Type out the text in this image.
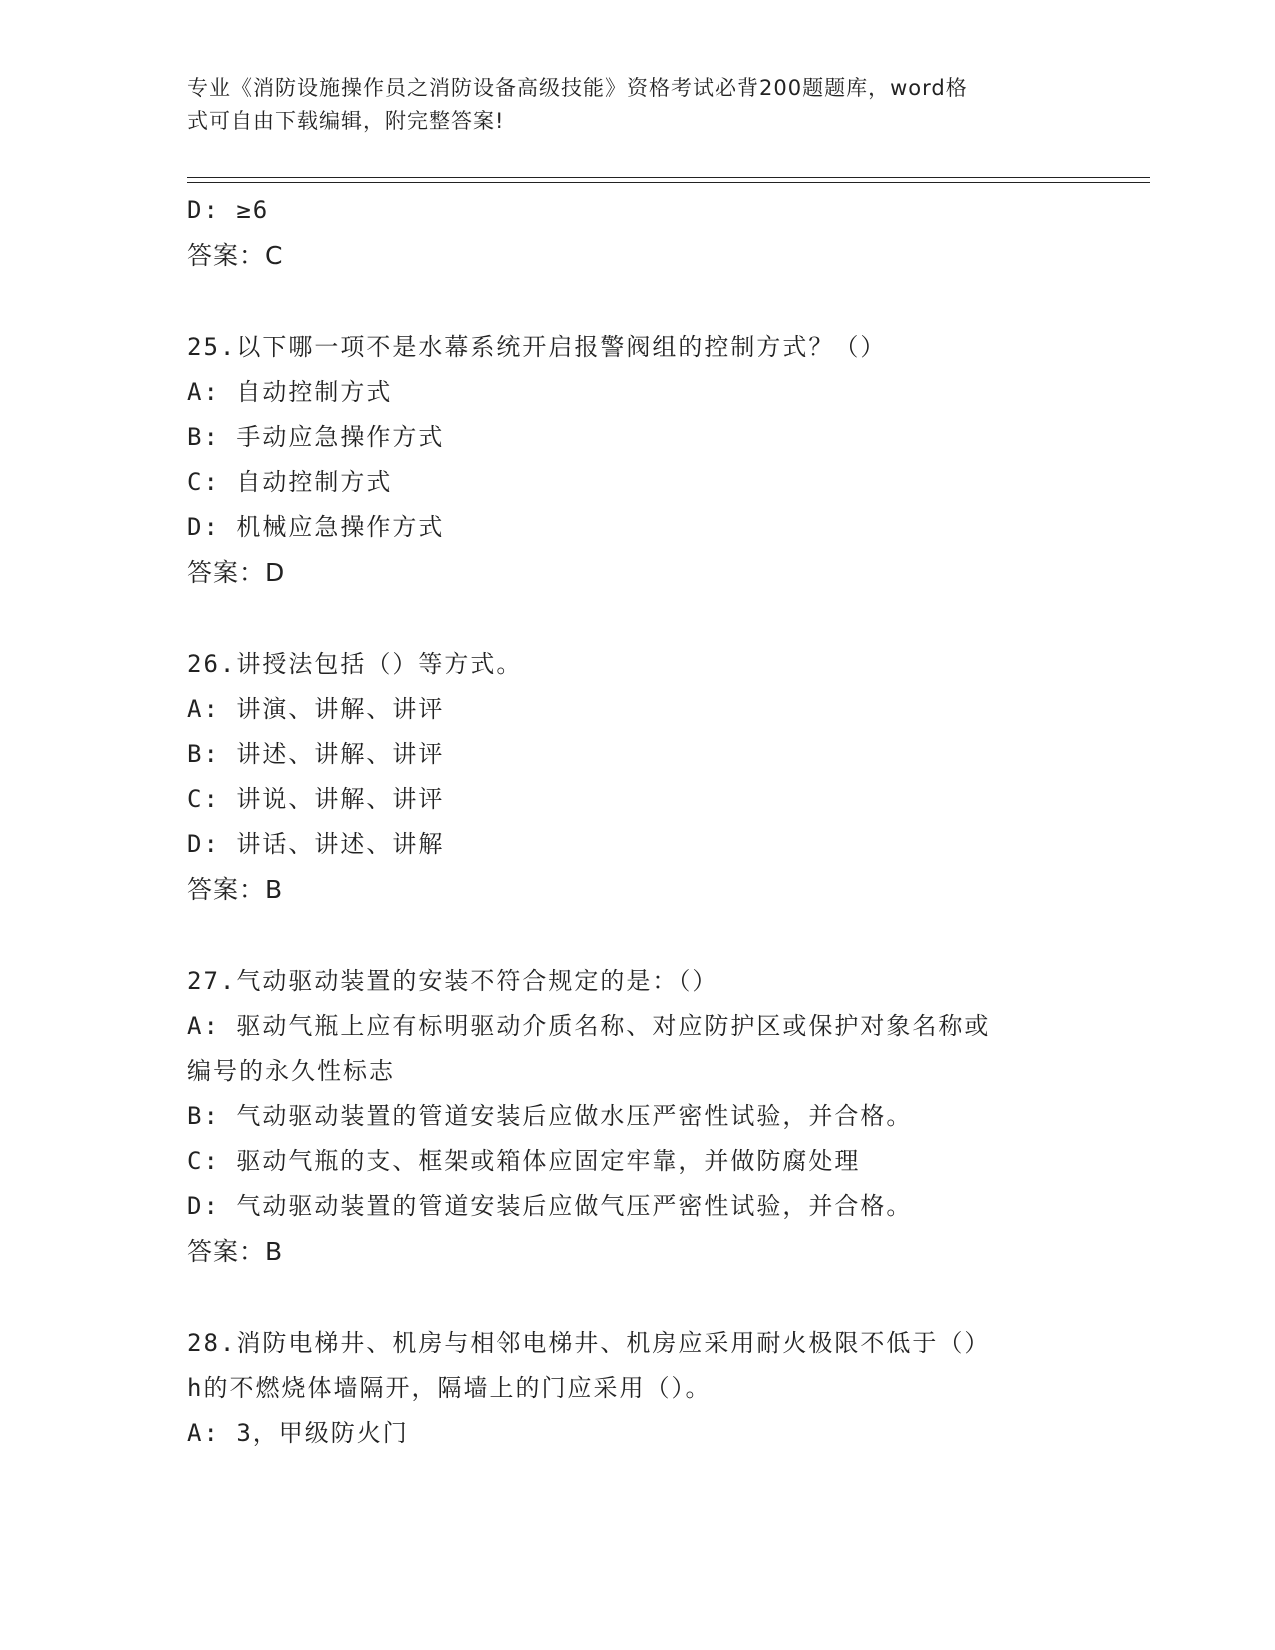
专业《消防设施操作员之消防设备高级技能》资格考试必背200题题库，word格
式可自由下载编辑，附完整答案!
D: ≥6
答案：C
25.以下哪一项不是水幕系统开启报警阀组的控制方式？（）
A: 自动控制方式
B: 手动应急操作方式
C: 自动控制方式
D: 机械应急操作方式
答案：D
26.讲授法包括（）等方式。
A: 讲演、讲解、讲评
B: 讲述、讲解、讲评
C: 讲说、讲解、讲评
D: 讲话、讲述、讲解
答案：B
27.气动驱动装置的安装不符合规定的是：（）
A: 驱动气瓶上应有标明驱动介质名称、对应防护区或保护对象名称或
编号的永久性标志
B: 气动驱动装置的管道安装后应做水压严密性试验，并合格。
C: 驱动气瓶的支、框架或箱体应固定牢靠，并做防腐处理
D: 气动驱动装置的管道安装后应做气压严密性试验，并合格。
答案：B
28.消防电梯井、机房与相邻电梯井、机房应采用耐火极限不低于（）
h的不燃烧体墙隔开，隔墙上的门应采用（）。
A: 3，甲级防火门
